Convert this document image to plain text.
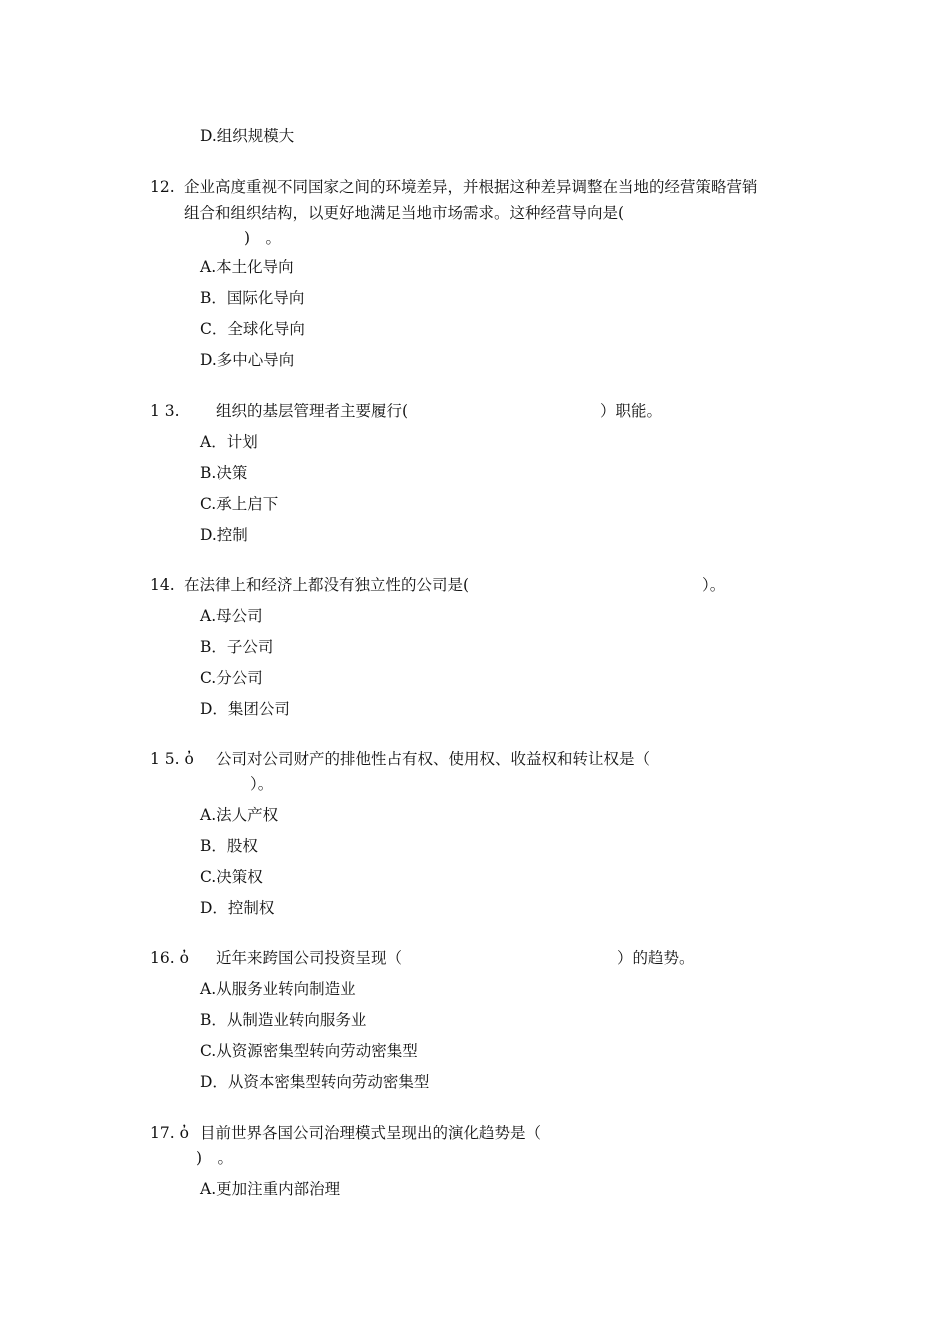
D.组织规模大
12. 企业高度重视不同国家之间的环境差异，并根据这种差异调整在当地的经营策略营销
组合和组织结构，以更好地满足当地市场需求。这种经营导向是(
)　。
A.本土化导向
B．国际化导向
C．全球化导向
D.多中心导向
1 3. 组织的基层管理者主要履行(	）职能。
A．计划
B.决策
C.承上启下
D.控制
14. 在法律上和经济上都没有独立性的公司是(	）。
A.母公司
B．子公司
C.分公司
D．集团公司
1 5. ὀ 公司对公司财产的排他性占有权、使用权、收益权和转让权是（
）。
A.法人产权
B．股权
C.决策权
D．控制权
16. ὀ 近年来跨国公司投资呈现（	）的趋势。
A.从服务业转向制造业
B．从制造业转向服务业
C.从资源密集型转向劳动密集型
D．从资本密集型转向劳动密集型
17. ὀ 目前世界各国公司治理模式呈现出的演化趋势是（
)　。
A.更加注重内部治理
